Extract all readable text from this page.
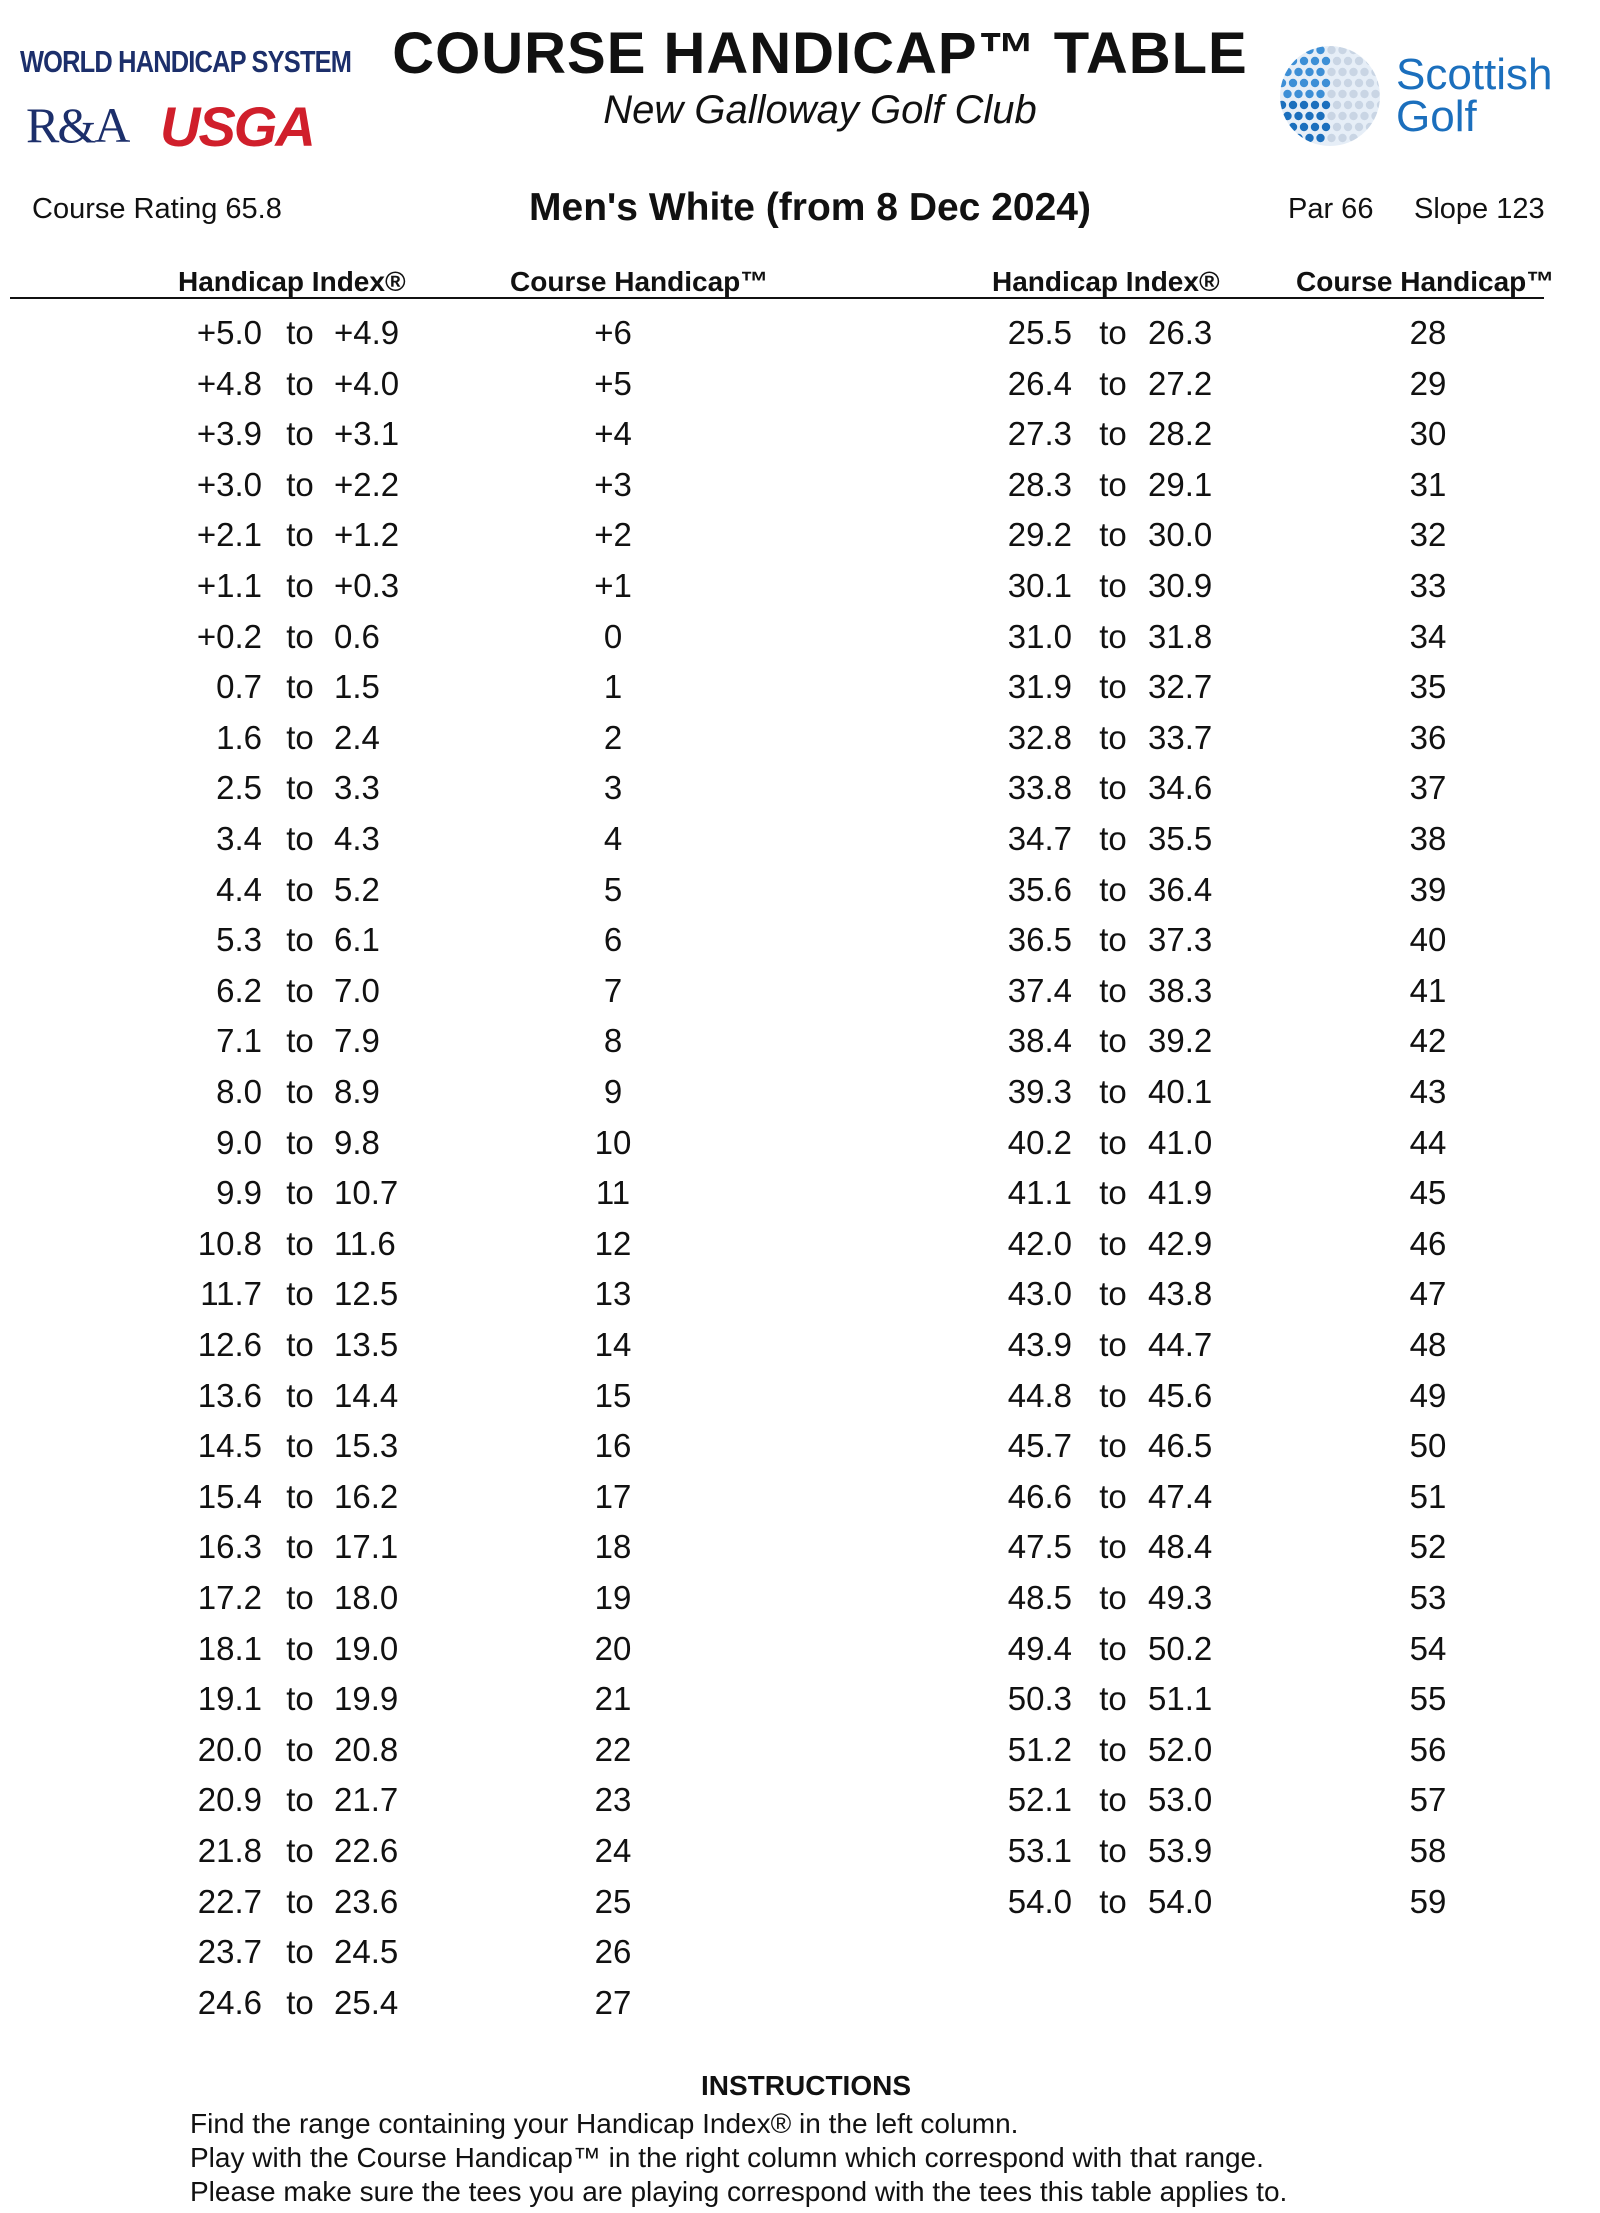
WORLD HANDICAP SYSTEM
R&A USGA
COURSE HANDICAP™ TABLE
New Galloway Golf Club
Scottish
Golf
Course Rating 65.8	Men's White (from 8 Dec 2024)	Par 66 Slope 123
Handicap Index®	Course Handicap™	Handicap Index®	Course Handicap™
+5.0 to +4.9	+6
+4.8 to +4.0	+5
+3.9 to +3.1	+4
+3.0 to +2.2	+3
+2.1 to +1.2	+2
+1.1 to +0.3	+1
+0.2 to 0.6	0
0.7 to 1.5	1
1.6 to 2.4	2
2.5 to 3.3	3
3.4 to 4.3	4
4.4 to 5.2	5
5.3 to 6.1	6
6.2 to 7.0	7
7.1 to 7.9	8
8.0 to 8.9	9
9.0 to 9.8	10
9.9 to 10.7	11
10.8 to 11.6	12
11.7 to 12.5	13
12.6 to 13.5	14
13.6 to 14.4	15
14.5 to 15.3	16
15.4 to 16.2	17
16.3 to 17.1	18
17.2 to 18.0	19
18.1 to 19.0	20
19.1 to 19.9	21
20.0 to 20.8	22
20.9 to 21.7	23
21.8 to 22.6	24
22.7 to 23.6	25
23.7 to 24.5	26
24.6 to 25.4	27
25.5 to 26.3	28
26.4 to 27.2	29
27.3 to 28.2	30
28.3 to 29.1	31
29.2 to 30.0	32
30.1 to 30.9	33
31.0 to 31.8	34
31.9 to 32.7	35
32.8 to 33.7	36
33.8 to 34.6	37
34.7 to 35.5	38
35.6 to 36.4	39
36.5 to 37.3	40
37.4 to 38.3	41
38.4 to 39.2	42
39.3 to 40.1	43
40.2 to 41.0	44
41.1 to 41.9	45
42.0 to 42.9	46
43.0 to 43.8	47
43.9 to 44.7	48
44.8 to 45.6	49
45.7 to 46.5	50
46.6 to 47.4	51
47.5 to 48.4	52
48.5 to 49.3	53
49.4 to 50.2	54
50.3 to 51.1	55
51.2 to 52.0	56
52.1 to 53.0	57
53.1 to 53.9	58
54.0 to 54.0	59
INSTRUCTIONS
Find the range containing your Handicap Index® in the left column.
Play with the Course Handicap™ in the right column which correspond with that range.
Please make sure the tees you are playing correspond with the tees this table applies to.
